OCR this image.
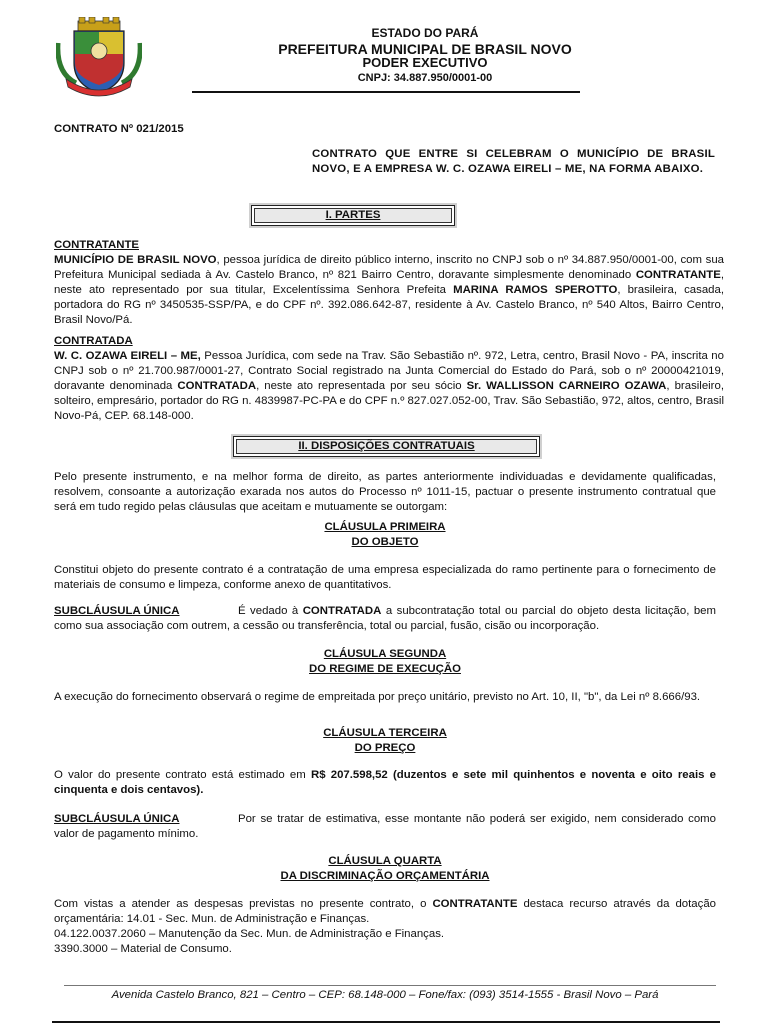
ESTADO DO PARÁ
PREFEITURA MUNICIPAL DE BRASIL NOVO
PODER EXECUTIVO
CNPJ: 34.887.950/0001-00
CONTRATO Nº 021/2015
CONTRATO QUE ENTRE SI CELEBRAM O MUNICÍPIO DE BRASIL NOVO, E A EMPRESA W. C. OZAWA EIRELI – ME, NA FORMA ABAIXO.
I. PARTES
CONTRATANTE
MUNICÍPIO DE BRASIL NOVO, pessoa jurídica de direito público interno, inscrito no CNPJ sob o nº 34.887.950/0001-00, com sua Prefeitura Municipal sediada à Av. Castelo Branco, nº 821 Bairro Centro, doravante simplesmente denominado CONTRATANTE, neste ato representado por sua titular, Excelentíssima Senhora Prefeita MARINA RAMOS SPEROTTO, brasileira, casada, portadora do RG nº 3450535-SSP/PA, e do CPF nº. 392.086.642-87, residente à Av. Castelo Branco, nº 540 Altos, Bairro Centro, Brasil Novo/Pá.
CONTRATADA
W. C. OZAWA EIRELI – ME, Pessoa Jurídica, com sede na Trav. São Sebastião nº. 972, Letra, centro, Brasil Novo - PA, inscrita no CNPJ sob o nº 21.700.987/0001-27, Contrato Social registrado na Junta Comercial do Estado do Pará, sob o nº 20000421019, doravante denominada CONTRATADA, neste ato representada por seu sócio Sr. WALLISSON CARNEIRO OZAWA, brasileiro, solteiro, empresário, portador do RG n. 4839987-PC-PA e do CPF n.º 827.027.052-00, Trav. São Sebastião, 972, altos, centro, Brasil Novo-Pá, CEP. 68.148-000.
II. DISPOSIÇÕES CONTRATUAIS
Pelo presente instrumento, e na melhor forma de direito, as partes anteriormente individuadas e devidamente qualificadas, resolvem, consoante a autorização exarada nos autos do Processo nº 1011-15, pactuar o presente instrumento contratual que será em tudo regido pelas cláusulas que aceitam e mutuamente se outorgam:
CLÁUSULA PRIMEIRA
DO OBJETO
Constitui objeto do presente contrato é a contratação de uma empresa especializada do ramo pertinente para o fornecimento de materiais de consumo e limpeza, conforme anexo de quantitativos.
SUBCLÁUSULA ÚNICA	É vedado à CONTRATADA a subcontratação total ou parcial do objeto desta licitação, bem como sua associação com outrem, a cessão ou transferência, total ou parcial, fusão, cisão ou incorporação.
CLÁUSULA SEGUNDA
DO REGIME DE EXECUÇÃO
A execução do fornecimento observará o regime de empreitada por preço unitário, previsto no Art. 10, II, "b", da Lei nº 8.666/93.
CLÁUSULA TERCEIRA
DO PREÇO
O valor do presente contrato está estimado em R$ 207.598,52 (duzentos e sete mil quinhentos e noventa e oito reais e cinquenta e dois centavos).
SUBCLÁUSULA ÚNICA	Por se tratar de estimativa, esse montante não poderá ser exigido, nem considerado como valor de pagamento mínimo.
CLÁUSULA QUARTA
DA DISCRIMINAÇÃO ORÇAMENTÁRIA
Com vistas a atender as despesas previstas no presente contrato, o CONTRATANTE destaca recurso através da dotação orçamentária: 14.01 - Sec. Mun. de Administração e Finanças.
04.122.0037.2060 – Manutenção da Sec. Mun. de Administração e Finanças.
3390.3000 – Material de Consumo.
Avenida Castelo Branco, 821 – Centro – CEP: 68.148-000 – Fone/fax: (093) 3514-1555 - Brasil Novo – Pará
